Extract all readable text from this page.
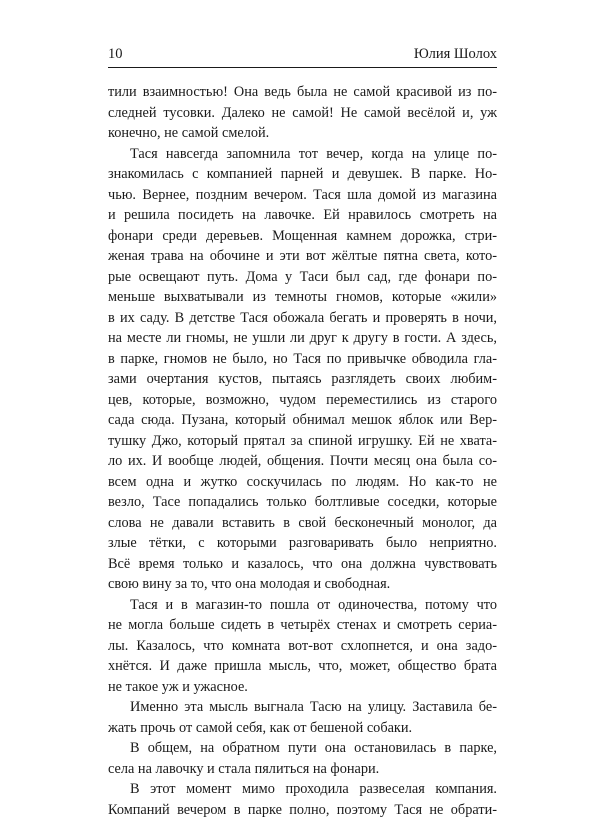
10	Юлия Шолох
тили взаимностью! Она ведь была не самой красивой из по-
следней тусовки. Далеко не самой! Не самой весёлой и, уж
конечно, не самой смелой.
Тася навсегда запомнила тот вечер, когда на улице по-
знакомилась с компанией парней и девушек. В парке. Но-
чью. Вернее, поздним вечером. Тася шла домой из магазина
и решила посидеть на лавочке. Ей нравилось смотреть на
фонари среди деревьев. Мощенная камнем дорожка, стри-
женая трава на обочине и эти вот жёлтые пятна света, кото-
рые освещают путь. Дома у Таси был сад, где фонари по-
меньше выхватывали из темноты гномов, которые «жили»
в их саду. В детстве Тася обожала бегать и проверять в ночи,
на месте ли гномы, не ушли ли друг к другу в гости. А здесь,
в парке, гномов не было, но Тася по привычке обводила гла-
зами очертания кустов, пытаясь разглядеть своих любим-
цев, которые, возможно, чудом переместились из старого
сада сюда. Пузана, который обнимал мешок яблок или Вер-
тушку Джо, который прятал за спиной игрушку. Ей не хвата-
ло их. И вообще людей, общения. Почти месяц она была со-
всем одна и жутко соскучилась по людям. Но как-то не
везло, Тасе попадались только болтливые соседки, которые
слова не давали вставить в свой бесконечный монолог, да
злые тётки, с которыми разговаривать было неприятно.
Всё время только и казалось, что она должна чувствовать
свою вину за то, что она молодая и свободная.
Тася и в магазин-то пошла от одиночества, потому что
не могла больше сидеть в четырёх стенах и смотреть сериа-
лы. Казалось, что комната вот-вот схлопнется, и она задо-
хнётся. И даже пришла мысль, что, может, общество брата
не такое уж и ужасное.
Именно эта мысль выгнала Тасю на улицу. Заставила бе-
жать прочь от самой себя, как от бешеной собаки.
В общем, на обратном пути она остановилась в парке,
села на лавочку и стала пялиться на фонари.
В этот момент мимо проходила развеселая компания.
Компаний вечером в парке полно, поэтому Тася не обрати-
